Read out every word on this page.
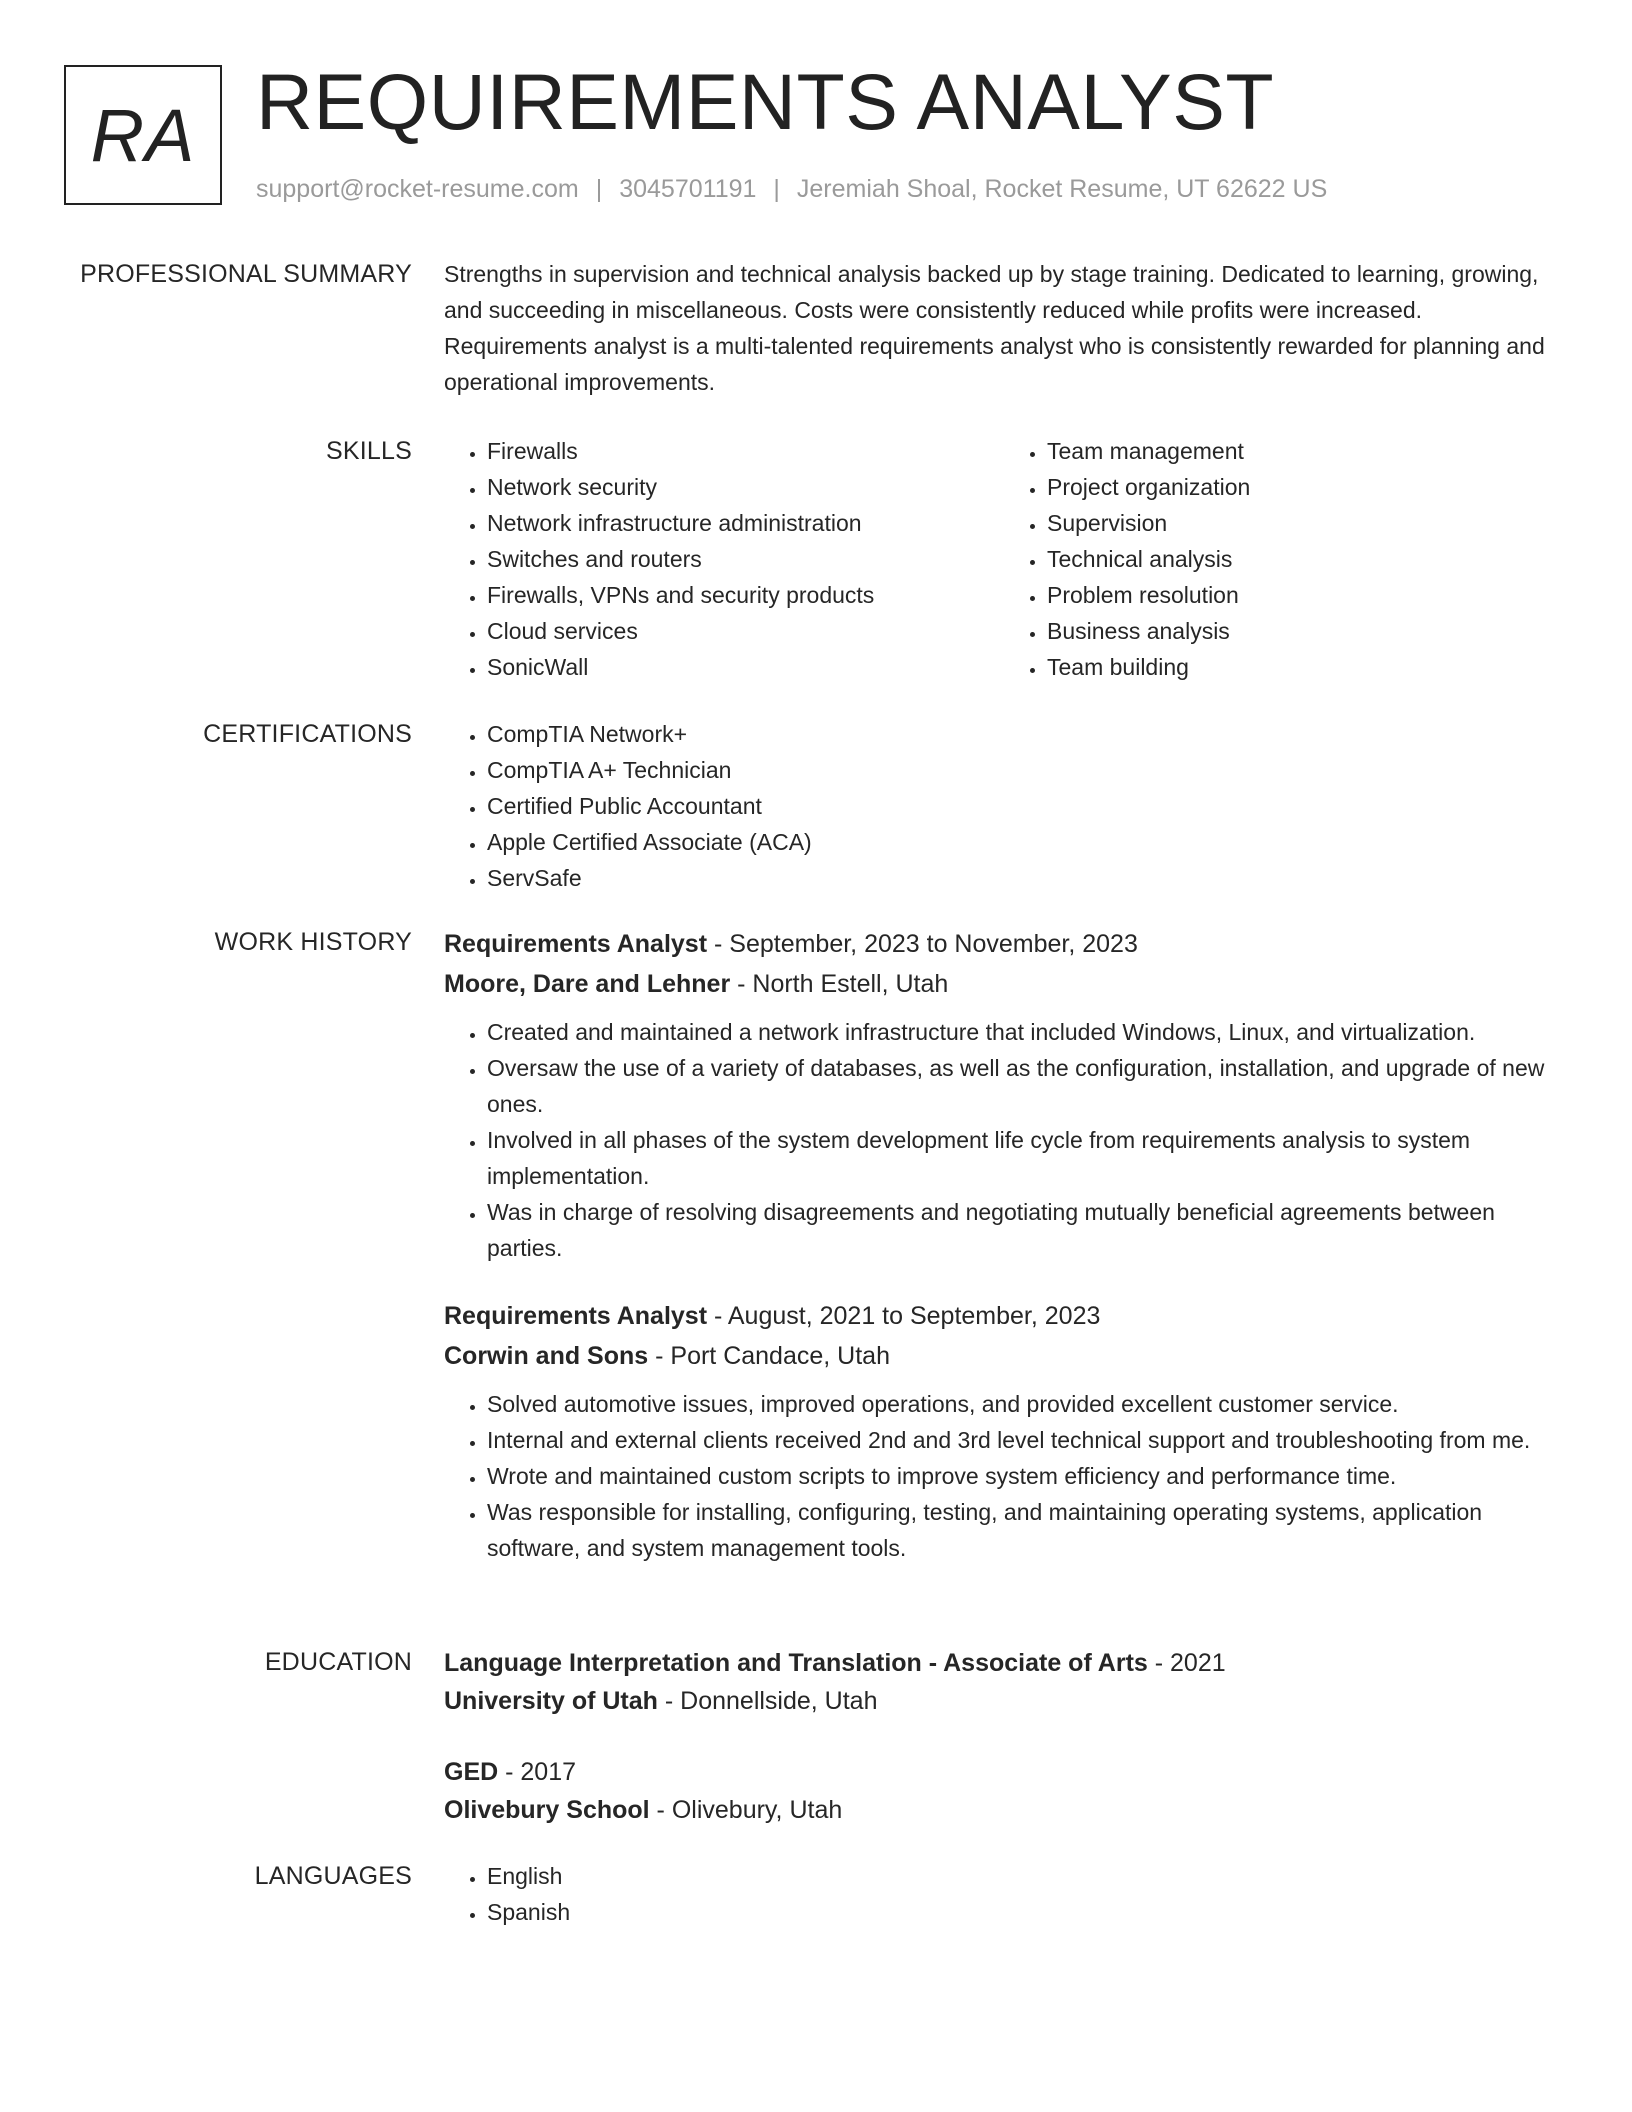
RA REQUIREMENTS ANALYST
support@rocket-resume.com | 3045701191 | Jeremiah Shoal, Rocket Resume, UT 62622 US
PROFESSIONAL SUMMARY Strengths in supervision and technical analysis backed up by stage training. Dedicated to learning, growing, and succeeding in miscellaneous. Costs were consistently reduced while profits were increased. Requirements analyst is a multi-talented requirements analyst who is consistently rewarded for planning and operational improvements.

SKILLS	• Firewalls
• Network security
• Network infrastructure administration
• Switches and routers
• Firewalls, VPNs and security products
• Cloud services
• SonicWall
• Team management
• Project organization
• Supervision
• Technical analysis
• Problem resolution
• Business analysis
• Team building
CERTIFICATIONS	• CompTIA Network+
• CompTIA A+ Technician
• Certified Public Accountant
• Apple Certified Associate (ACA)
• ServSafe
WORK HISTORY Requirements Analyst - September, 2023 to November, 2023
Moore, Dare and Lehner - North Estell, Utah
• Created and maintained a network infrastructure that included Windows, Linux, and virtualization.
• Oversaw the use of a variety of databases, as well as the configuration, installation, and upgrade of new ones.
• Involved in all phases of the system development life cycle from requirements analysis to system implementation.
• Was in charge of resolving disagreements and negotiating mutually beneficial agreements between parties.
Requirements Analyst - August, 2021 to September, 2023
Corwin and Sons - Port Candace, Utah
• Solved automotive issues, improved operations, and provided excellent customer service.
• Internal and external clients received 2nd and 3rd level technical support and troubleshooting from me.
• Wrote and maintained custom scripts to improve system efficiency and performance time.
• Was responsible for installing, configuring, testing, and maintaining operating systems, application software, and system management tools.
EDUCATION Language Interpretation and Translation - Associate of Arts - 2021
University of Utah - Donnellside, Utah
GED - 2017
Olivebury School - Olivebury, Utah
LANGUAGES	• English
• Spanish
